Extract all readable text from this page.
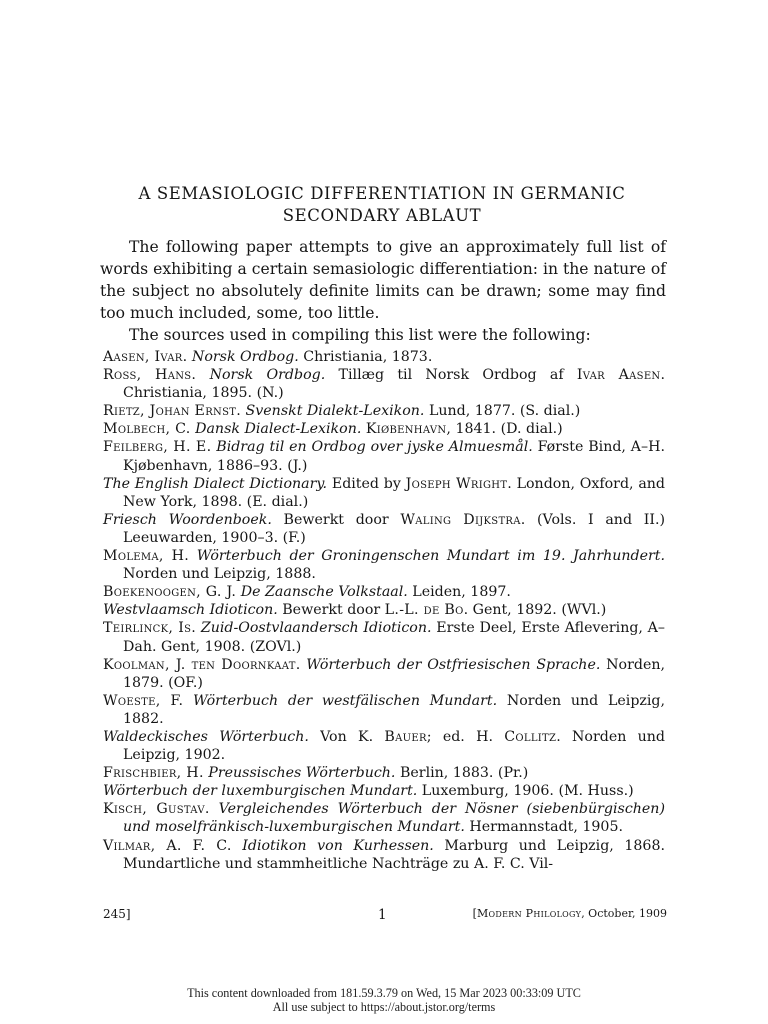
A SEMASIOLOGIC DIFFERENTIATION IN GERMANIC
SECONDARY ABLAUT

The following paper attempts to give an approximately full list of words exhibiting a certain semasiologic differentiation: in the nature of the subject no absolutely definite limits can be drawn; some may find too much included, some, too little.

The sources used in compiling this list were the following:

Aasen, Ivar. Norsk Ordbog. Christiania, 1873.

Ross, Hans. Norsk Ordbog. Tillæg til Norsk Ordbog af Ivar Aasen. Christiania, 1895. (N.)

Rietz, Johan Ernst. Svenskt Dialekt-Lexikon. Lund, 1877. (S. dial.)

Molbech, C. Dansk Dialect-Lexikon. Kiøbenhavn, 1841. (D. dial.)

Feilberg, H. E. Bidrag til en Ordbog over jyske Almuesmål. Første Bind, A–H. Kjøbenhavn, 1886–93. (J.)

The English Dialect Dictionary. Edited by Joseph Wright. London, Oxford, and New York, 1898. (E. dial.)

Friesch Woordenboek. Bewerkt door Waling Dijkstra. (Vols. I and II.) Leeuwarden, 1900–3. (F.)

Molema, H. Wörterbuch der Groningenschen Mundart im 19. Jahrhundert. Norden und Leipzig, 1888.

Boekenoogen, G. J. De Zaansche Volkstaal. Leiden, 1897.

Westvlaamsch Idioticon. Bewerkt door L.-L. de Bo. Gent, 1892. (WVl.)

Teirlinck, Is. Zuid-Oostvlaandersch Idioticon. Erste Deel, Erste Aflevering, A–Dah. Gent, 1908. (ZOVl.)

Koolman, J. ten Doornkaat. Wörterbuch der Ostfriesischen Sprache. Norden, 1879. (OF.)

Woeste, F. Wörterbuch der westfälischen Mundart. Norden und Leipzig, 1882.

Waldeckisches Wörterbuch. Von K. Bauer; ed. H. Collitz. Norden und Leipzig, 1902.

Frischbier, H. Preussisches Wörterbuch. Berlin, 1883. (Pr.)

Wörterbuch der luxemburgischen Mundart. Luxemburg, 1906. (M. Huss.)

Kisch, Gustav. Vergleichendes Wörterbuch der Nösner (siebenbürgischen) und moselfränkisch-luxemburgischen Mundart. Hermannstadt, 1905.

Vilmar, A. F. C. Idiotikon von Kurhessen. Marburg und Leipzig, 1868. Mundartliche und stammheitliche Nachträge zu A. F. C. Vil-

245]	1	[Modern Philology, October, 1909
This content downloaded from 181.59.3.79 on Wed, 15 Mar 2023 00:33:09 UTC
All use subject to https://about.jstor.org/terms
